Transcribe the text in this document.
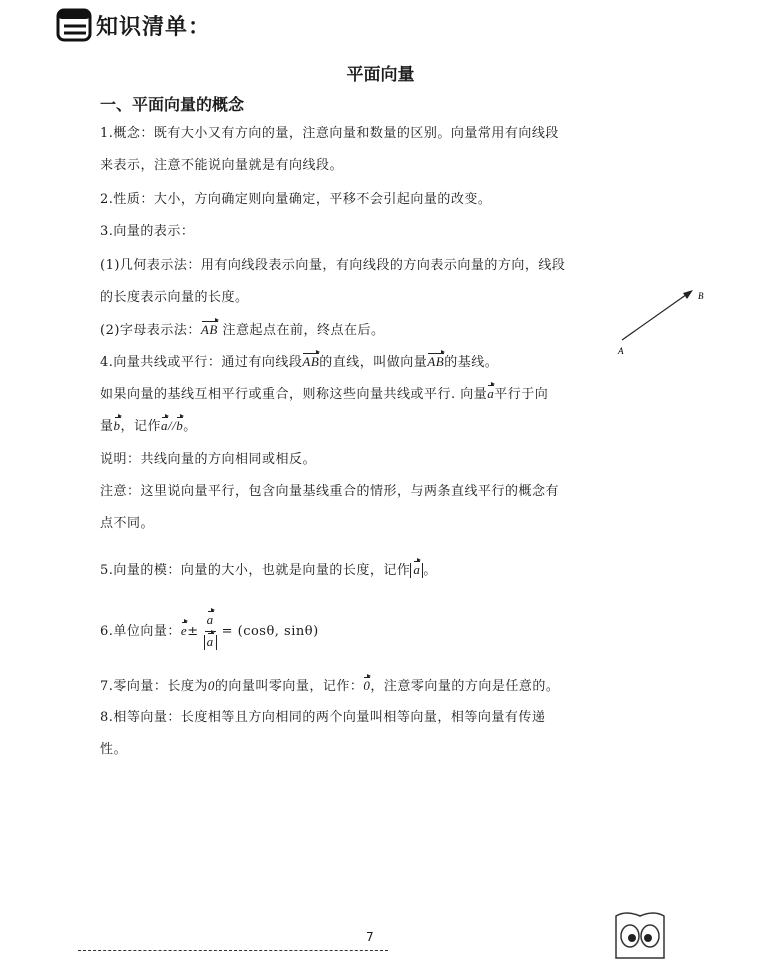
知识清单：
平面向量
一、平面向量的概念
1.概念：既有大小又有方向的量，注意向量和数量的区别。向量常用有向线段
来表示，注意不能说向量就是有向线段。
2.性质：大小，方向确定则向量确定，平移不会引起向量的改变。
3.向量的表示：
(1)几何表示法：用有向线段表示向量，有向线段的方向表示向量的方向，线段
的长度表示向量的长度。
(2)字母表示法：AB 注意起点在前，终点在后。
4.向量共线或平行：通过有向线段AB的直线，叫做向量AB的基线。
如果向量的基线互相平行或重合，则称这些向量共线或平行. 向量a平行于向
量b，记作a//b。
说明：共线向量的方向相同或相反。
注意：这里说向量平行，包含向量基线重合的情形，与两条直线平行的概念有
点不同。
5.向量的模：向量的大小，也就是向量的长度，记作 a 。
6.单位向量：$e\pm \frac{a}{a} = (\cos\theta$, sinθ)
7.零向量：长度为0的向量叫零向量，记作：0，注意零向量的方向是任意的。
8.相等向量：长度相等且方向相同的两个向量叫相等向量，相等向量有传递
性。
A
B
7
